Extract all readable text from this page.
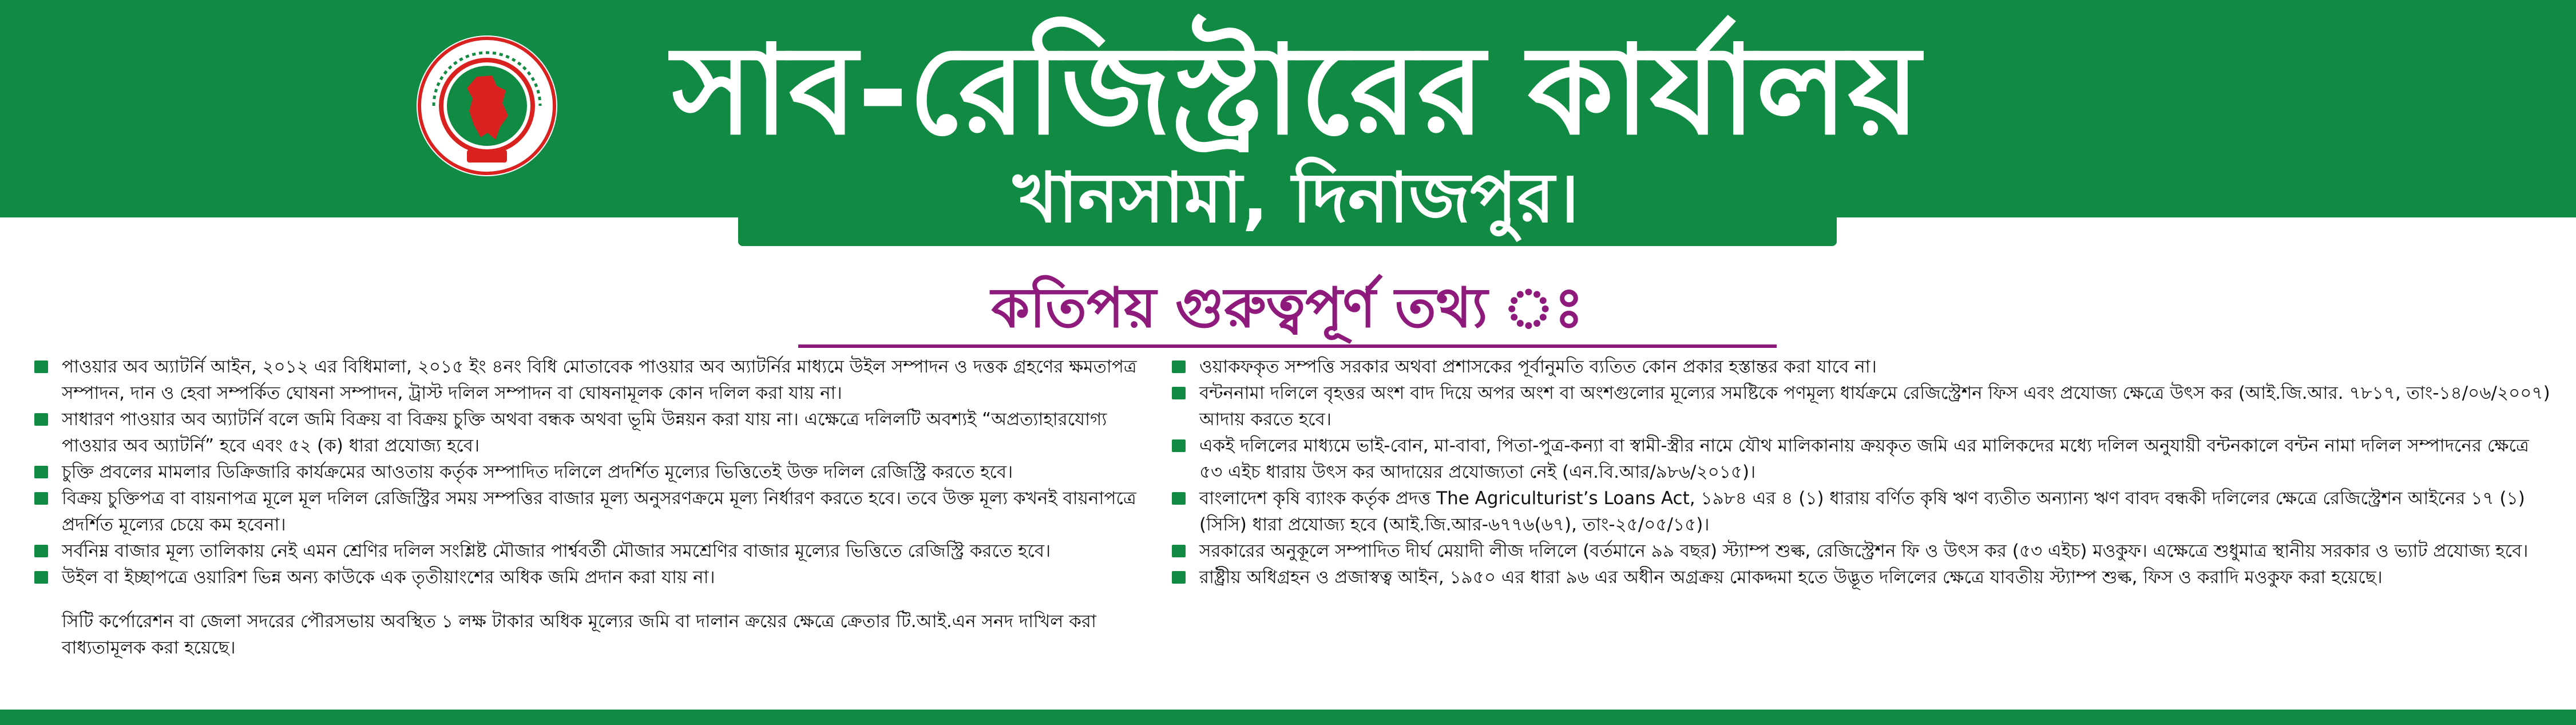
সাব-রেজিস্ট্রারের কার্যালয়
খানসামা, দিনাজপুর।
কতিপয় গুরুত্বপূর্ণ তথ্য ঃ

পাওয়ার অব অ্যাটর্নি আইন, ২০১২ এর বিধিমালা, ২০১৫ ইং ৪নং বিধি মোতাবেক পাওয়ার অব অ্যাটর্নির মাধ্যমে উইল সম্পাদন ও দত্তক গ্রহণের ক্ষমতাপত্র সম্পাদন, দান ও হেবা সম্পর্কিত ঘোষনা সম্পাদন, ট্রাস্ট দলিল সম্পাদন বা ঘোষনামূলক কোন দলিল করা যায় না।

সাধারণ পাওয়ার অব অ্যাটর্নি বলে জমি বিক্রয় বা বিক্রয় চুক্তি অথবা বন্ধক অথবা ভূমি উন্নয়ন করা যায় না। এক্ষেত্রে দলিলটি অবশ্যই “অপ্রত্যাহারযোগ্য পাওয়ার অব অ্যাটর্নি” হবে এবং ৫২ (ক) ধারা প্রযোজ্য হবে।

চুক্তি প্রবলের মামলার ডিক্রিজারি কার্যক্রমের আওতায় কর্তৃক সম্পাদিত দলিলে প্রদর্শিত মূল্যের ভিত্তিতেই উক্ত দলিল রেজিস্ট্রি করতে হবে।

বিক্রয় চুক্তিপত্র বা বায়নাপত্র মূলে মূল দলিল রেজিস্ট্রির সময় সম্পত্তির বাজার মূল্য অনুসরণক্রমে মূল্য নির্ধারণ করতে হবে। তবে উক্ত মূল্য কখনই বায়নাপত্রে প্রদর্শিত মূল্যের চেয়ে কম হবেনা।

সর্বনিম্ন বাজার মূল্য তালিকায় নেই এমন শ্রেণির দলিল সংশ্লিষ্ট মৌজার পার্শ্ববর্তী মৌজার সমশ্রেণির বাজার মূল্যের ভিত্তিতে রেজিস্ট্রি করতে হবে।

উইল বা ইচ্ছাপত্রে ওয়ারিশ ভিন্ন অন্য কাউকে এক তৃতীয়াংশের অধিক জমি প্রদান করা যায় না।

সিটি কর্পোরেশন বা জেলা সদরের পৌরসভায় অবস্থিত ১ লক্ষ টাকার অধিক মূল্যের জমি বা দালান ক্রয়ের ক্ষেত্রে ক্রেতার টি.আই.এন সনদ দাখিল করা বাধ্যতামূলক করা হয়েছে।

ওয়াকফকৃত সম্পত্তি সরকার অথবা প্রশাসকের পূর্বানুমতি ব্যতিত কোন প্রকার হস্তান্তর করা যাবে না।

বন্টননামা দলিলে বৃহত্তর অংশ বাদ দিয়ে অপর অংশ বা অংশগুলোর মূল্যের সমষ্টিকে পণমূল্য ধার্যক্রমে রেজিস্ট্রেশন ফিস এবং প্রযোজ্য ক্ষেত্রে উৎস কর (আই.জি.আর. ৭৮১৭, তাং-১৪/০৬/২০০৭) আদায় করতে হবে।

একই দলিলের মাধ্যমে ভাই-বোন, মা-বাবা, পিতা-পুত্র-কন্যা বা স্বামী-স্ত্রীর নামে যৌথ মালিকানায় ক্রয়কৃত জমি এর মালিকদের মধ্যে দলিল অনুযায়ী বন্টনকালে বন্টন নামা দলিল সম্পাদনের ক্ষেত্রে ৫৩ এইচ ধারায় উৎস কর আদায়ের প্রযোজ্যতা নেই (এন.বি.আর/৯৮৬/২০১৫)।

বাংলাদেশ কৃষি ব্যাংক কর্তৃক প্রদত্ত The Agriculturist’s Loans Act, ১৯৮৪ এর ৪ (১) ধারায় বর্ণিত কৃষি ঋণ ব্যতীত অন্যান্য ঋণ বাবদ বন্ধকী দলিলের ক্ষেত্রে রেজিস্ট্রেশন আইনের ১৭ (১) (সিসি) ধারা প্রযোজ্য হবে (আই.জি.আর-৬৭৭৬(৬৭), তাং-২৫/০৫/১৫)।

সরকারের অনুকূলে সম্পাদিত দীর্ঘ মেয়াদী লীজ দলিলে (বর্তমানে ৯৯ বছর) স্ট্যাম্প শুল্ক, রেজিস্ট্রেশন ফি ও উৎস কর (৫৩ এইচ) মওকুফ। এক্ষেত্রে শুধুমাত্র স্থানীয় সরকার ও ভ্যাট প্রযোজ্য হবে।

রাষ্ট্রীয় অধিগ্রহন ও প্রজাস্বত্ব আইন, ১৯৫০ এর ধারা ৯৬ এর অধীন অগ্রক্রয় মোকদ্দমা হতে উদ্ভূত দলিলের ক্ষেত্রে যাবতীয় স্ট্যাম্প শুল্ক, ফিস ও করাদি মওকুফ করা হয়েছে।
